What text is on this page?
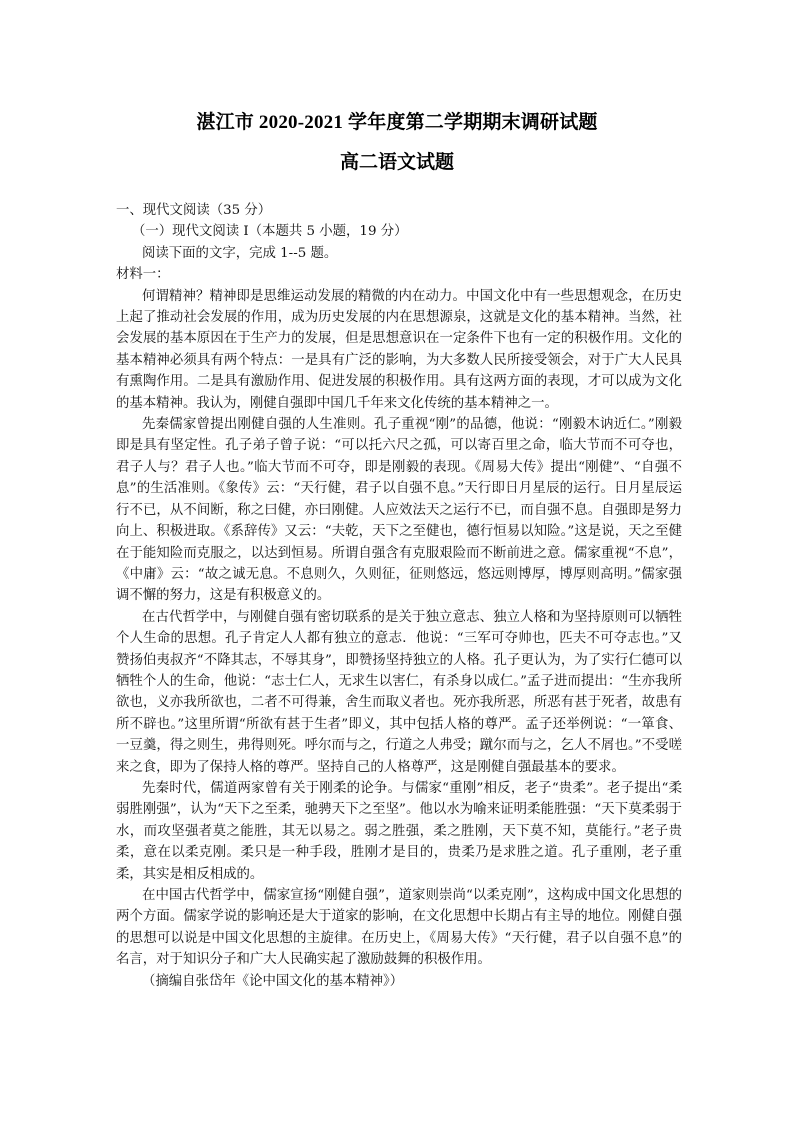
湛江市 2020-2021 学年度第二学期期末调研试题
高二语文试题
一、现代文阅读（35 分）
（一）现代文阅读 I（本题共 5 小题，19 分）
阅读下面的文字，完成 1--5 题。
材料一：

何谓精神？精神即是思维运动发展的精微的内在动力。中国文化中有一些思想观念，在历史上起了推动社会发展的作用，成为历史发展的内在思想源泉，这就是文化的基本精神。当然，社会发展的基本原因在于生产力的发展，但是思想意识在一定条件下也有一定的积极作用。文化的基本精神必须具有两个特点：一是具有广泛的影响，为大多数人民所接受领会，对于广大人民具有熏陶作用。二是具有激励作用、促进发展的积极作用。具有这两方面的表现，才可以成为文化的基本精神。我认为，刚健自强即中国几千年来文化传统的基本精神之一。

先秦儒家曾提出刚健自强的人生准则。孔子重视“刚”的品德，他说：“刚毅木讷近仁。”刚毅即是具有坚定性。孔子弟子曾子说：“可以托六尺之孤，可以寄百里之命，临大节而不可夺也，君子人与？君子人也。”临大节而不可夺，即是刚毅的表现。《周易大传》提出“刚健”、“自强不息”的生活准则。《象传》云：“天行健，君子以自强不息。”天行即日月星辰的运行。日月星辰运行不已，从不间断，称之曰健，亦曰刚健。人应效法天之运行不已，而自强不息。自强即是努力向上、积极进取。《系辞传》又云：“夫乾，天下之至健也，德行恒易以知险。”这是说，天之至健在于能知险而克服之，以达到恒易。所谓自强含有克服艰险而不断前进之意。儒家重视“不息”，《中庸》云：“故之诚无息。不息则久，久则征，征则悠远，悠远则博厚，博厚则高明。”儒家强调不懈的努力，这是有积极意义的。

在古代哲学中，与刚健自强有密切联系的是关于独立意志、独立人格和为坚持原则可以牺牲个人生命的思想。孔子肯定人人都有独立的意志．他说：“三军可夺帅也，匹夫不可夺志也。”又赞扬伯夷叔齐“不降其志，不辱其身”，即赞扬坚持独立的人格。孔子更认为，为了实行仁德可以牺牲个人的生命，他说：“志士仁人，无求生以害仁，有杀身以成仁。”孟子进而提出：“生亦我所欲也，义亦我所欲也，二者不可得兼，舍生而取义者也。死亦我所恶，所恶有甚于死者，故患有所不辟也。”这里所谓“所欲有甚于生者”即义，其中包括人格的尊严。孟子还举例说：“一箪食、一豆羹，得之则生，弗得则死。呼尔而与之，行道之人弗受；蹴尔而与之，乞人不屑也。”不受嗟来之食，即为了保持人格的尊严。坚持自己的人格尊严，这是刚健自强最基本的要求。

先秦时代，儒道两家曾有关于刚柔的论争。与儒家“重刚”相反，老子“贵柔”。老子提出“柔弱胜刚强”，认为“天下之至柔，驰骋天下之至坚”。他以水为喻来证明柔能胜强：“天下莫柔弱于水，而攻坚强者莫之能胜，其无以易之。弱之胜强，柔之胜刚，天下莫不知，莫能行。”老子贵柔，意在以柔克刚。柔只是一种手段，胜刚才是目的，贵柔乃是求胜之道。孔子重刚，老子重柔，其实是相反相成的。

在中国古代哲学中，儒家宣扬“刚健自强”，道家则崇尚“以柔克刚”，这构成中国文化思想的两个方面。儒家学说的影响还是大于道家的影响，在文化思想中长期占有主导的地位。刚健自强的思想可以说是中国文化思想的主旋律。在历史上，《周易大传》“天行健，君子以自强不息”的名言，对于知识分子和广大人民确实起了激励鼓舞的积极作用。

（摘编自张岱年《论中国文化的基本精神》）
